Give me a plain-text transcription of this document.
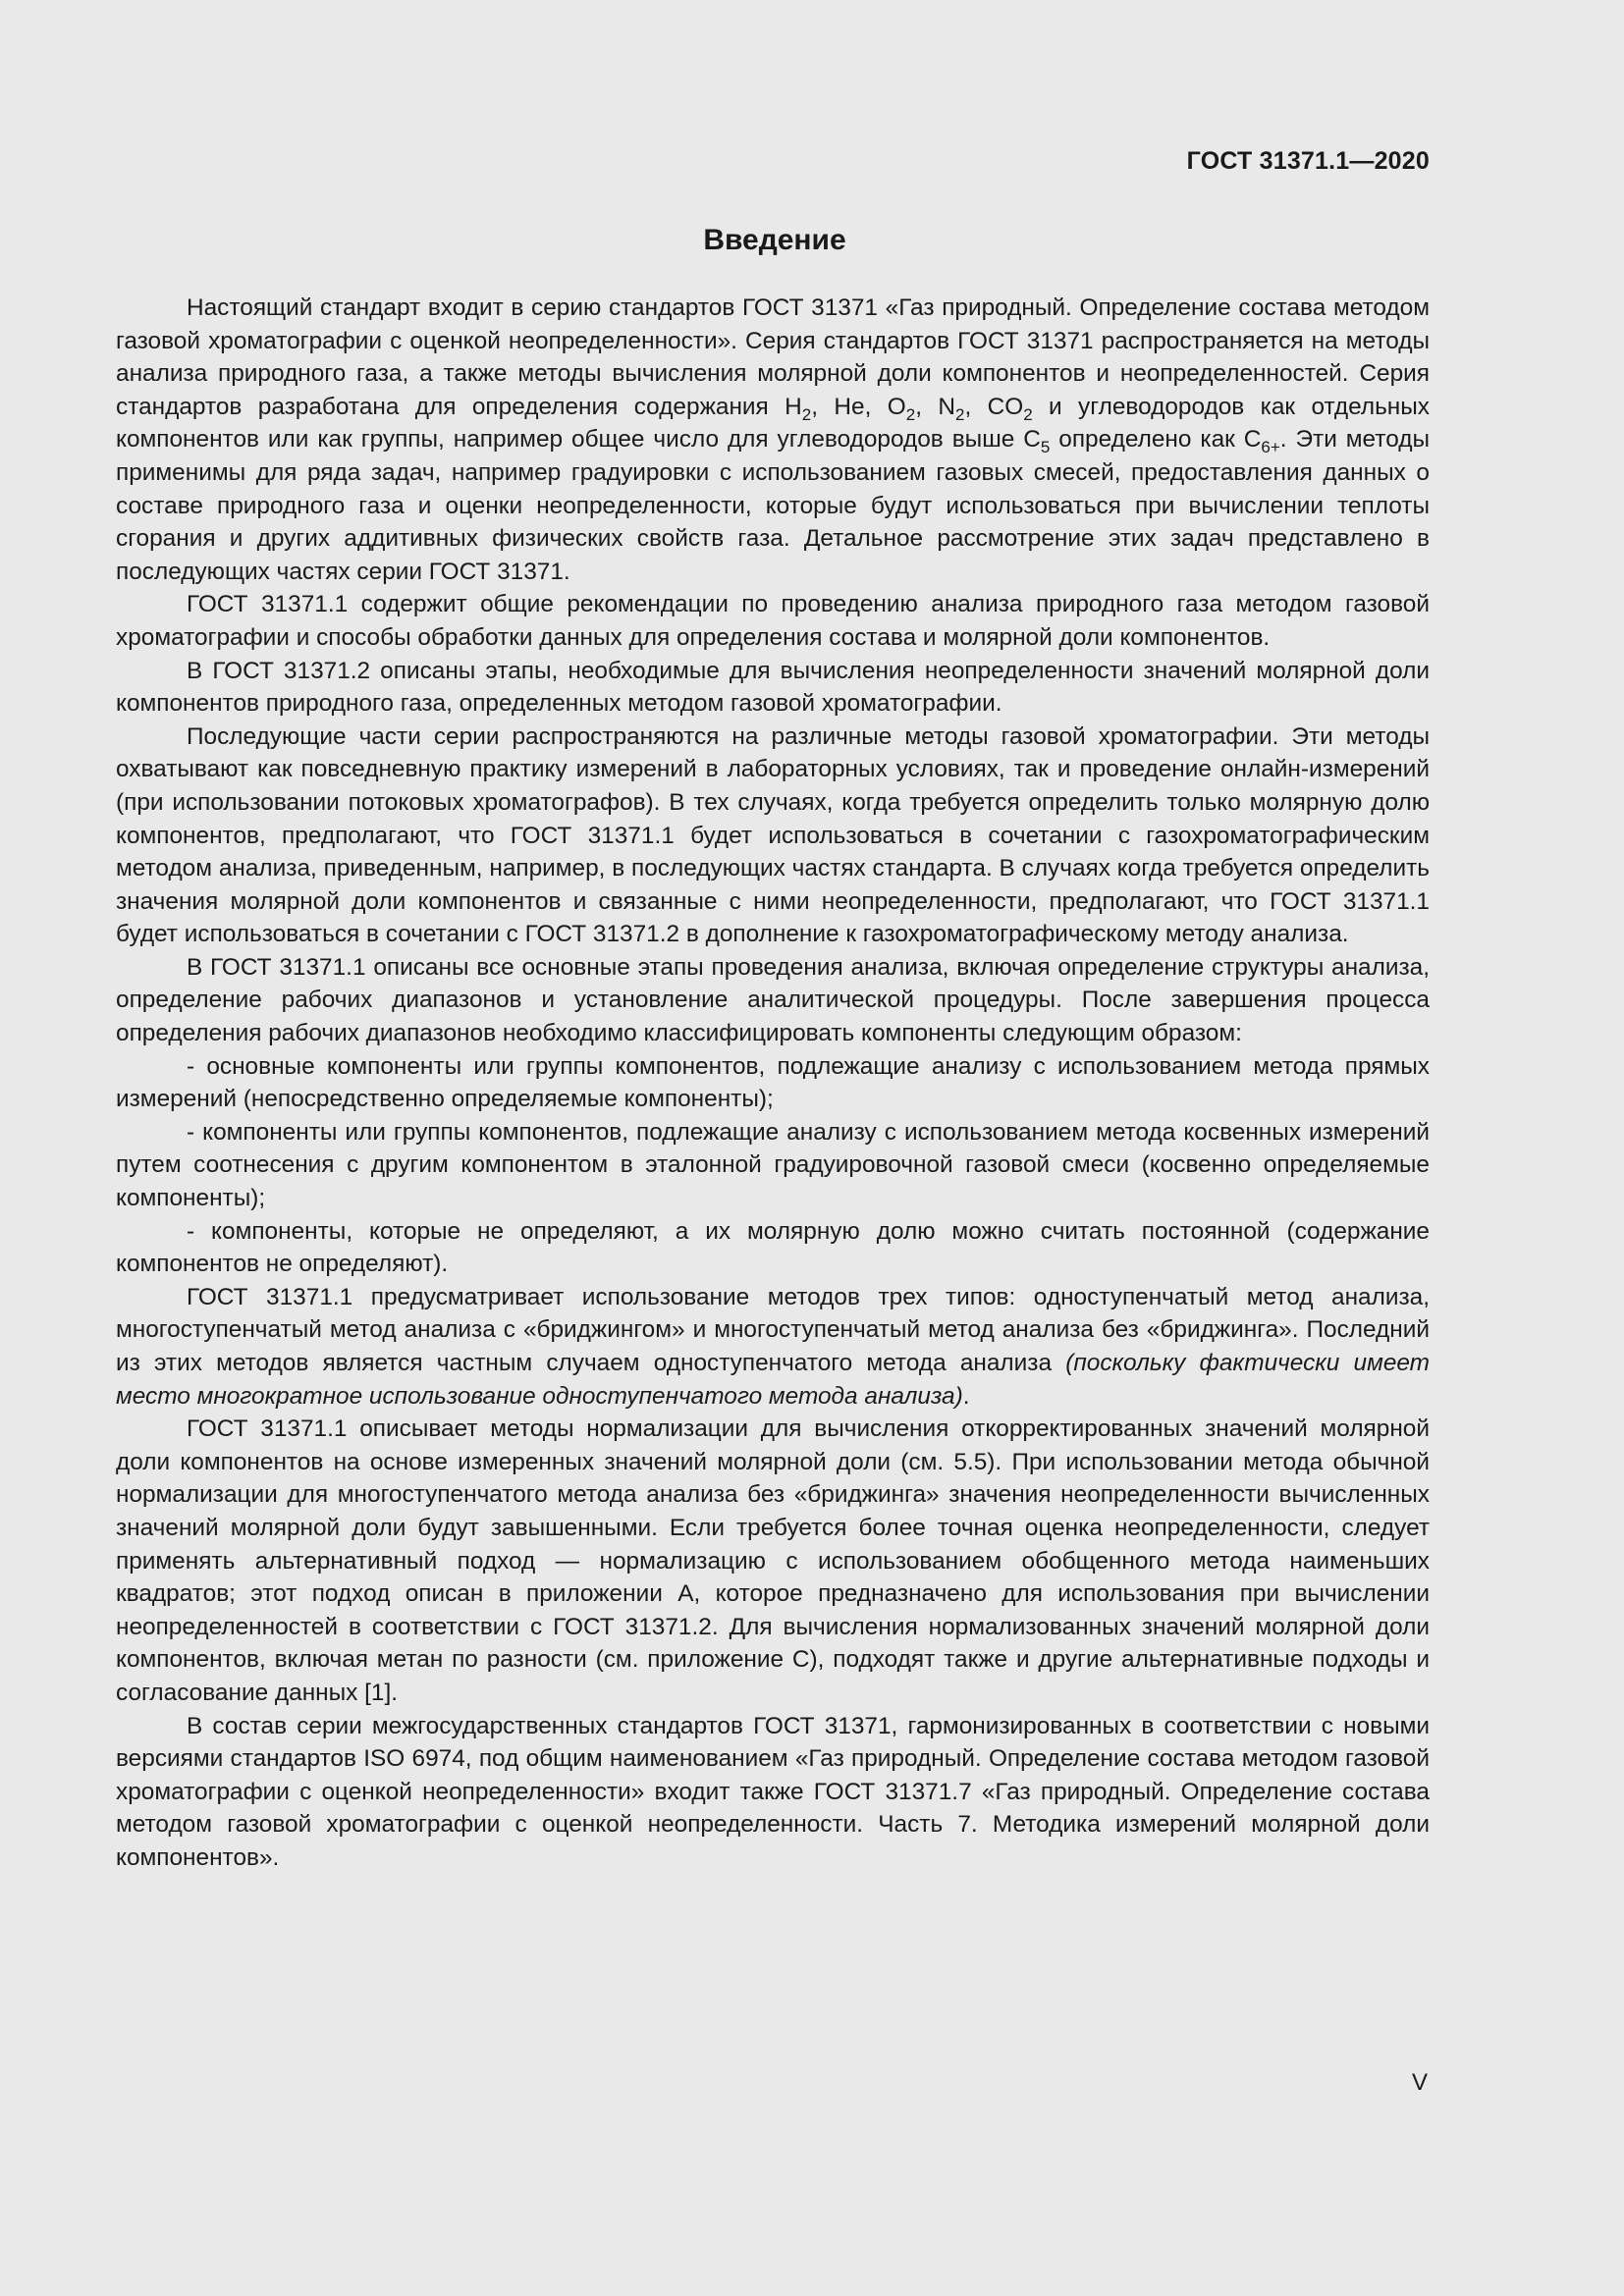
ГОСТ 31371.1—2020
Введение

Настоящий стандарт входит в серию стандартов ГОСТ 31371 «Газ природный. Определение состава методом газовой хроматографии с оценкой неопределенности». Серия стандартов ГОСТ 31371 распространяется на методы анализа природного газа, а также методы вычисления молярной доли компонентов и неопределенностей. Серия стандартов разработана для определения содержания $H_2$, He, $O_2$, $N_2$, $CO_2$ и углеводородов как отдельных компонентов или как группы, например общее число для углеводородов выше $C_5$ определено как $C_{6+}$. Эти методы применимы для ряда задач, например градуировки с использованием газовых смесей, предоставления данных о составе природного газа и оценки неопределенности, которые будут использоваться при вычислении теплоты сгорания и других аддитивных физических свойств газа. Детальное рассмотрение этих задач представлено в последующих частях серии ГОСТ 31371.

ГОСТ 31371.1 содержит общие рекомендации по проведению анализа природного газа методом газовой хроматографии и способы обработки данных для определения состава и молярной доли компонентов.

В ГОСТ 31371.2 описаны этапы, необходимые для вычисления неопределенности значений молярной доли компонентов природного газа, определенных методом газовой хроматографии.

Последующие части серии распространяются на различные методы газовой хроматографии. Эти методы охватывают как повседневную практику измерений в лабораторных условиях, так и проведение онлайн-измерений (при использовании потоковых хроматографов). В тех случаях, когда требуется определить только молярную долю компонентов, предполагают, что ГОСТ 31371.1 будет использоваться в сочетании с газохроматографическим методом анализа, приведенным, например, в последующих частях стандарта. В случаях когда требуется определить значения молярной доли компонентов и связанные с ними неопределенности, предполагают, что ГОСТ 31371.1 будет использоваться в сочетании с ГОСТ 31371.2 в дополнение к газохроматографическому методу анализа.

В ГОСТ 31371.1 описаны все основные этапы проведения анализа, включая определение структуры анализа, определение рабочих диапазонов и установление аналитической процедуры. После завершения процесса определения рабочих диапазонов необходимо классифицировать компоненты следующим образом:

- основные компоненты или группы компонентов, подлежащие анализу с использованием метода прямых измерений (непосредственно определяемые компоненты);

- компоненты или группы компонентов, подлежащие анализу с использованием метода косвенных измерений путем соотнесения с другим компонентом в эталонной градуировочной газовой смеси (косвенно определяемые компоненты);

- компоненты, которые не определяют, а их молярную долю можно считать постоянной (содержание компонентов не определяют).

ГОСТ 31371.1 предусматривает использование методов трех типов: одноступенчатый метод анализа, многоступенчатый метод анализа с «бриджингом» и многоступенчатый метод анализа без «бриджинга». Последний из этих методов является частным случаем одноступенчатого метода анализа (поскольку фактически имеет место многократное использование одноступенчатого метода анализа).

ГОСТ 31371.1 описывает методы нормализации для вычисления откорректированных значений молярной доли компонентов на основе измеренных значений молярной доли (см. 5.5). При использовании метода обычной нормализации для многоступенчатого метода анализа без «бриджинга» значения неопределенности вычисленных значений молярной доли будут завышенными. Если требуется более точная оценка неопределенности, следует применять альтернативный подход — нормализацию с использованием обобщенного метода наименьших квадратов; этот подход описан в приложении А, которое предназначено для использования при вычислении неопределенностей в соответствии с ГОСТ 31371.2. Для вычисления нормализованных значений молярной доли компонентов, включая метан по разности (см. приложение С), подходят также и другие альтернативные подходы и согласование данных [1].

В состав серии межгосударственных стандартов ГОСТ 31371, гармонизированных в соответствии с новыми версиями стандартов ISO 6974, под общим наименованием «Газ природный. Определение состава методом газовой хроматографии с оценкой неопределенности» входит также ГОСТ 31371.7 «Газ природный. Определение состава методом газовой хроматографии с оценкой неопределенности. Часть 7. Методика измерений молярной доли компонентов».

V
